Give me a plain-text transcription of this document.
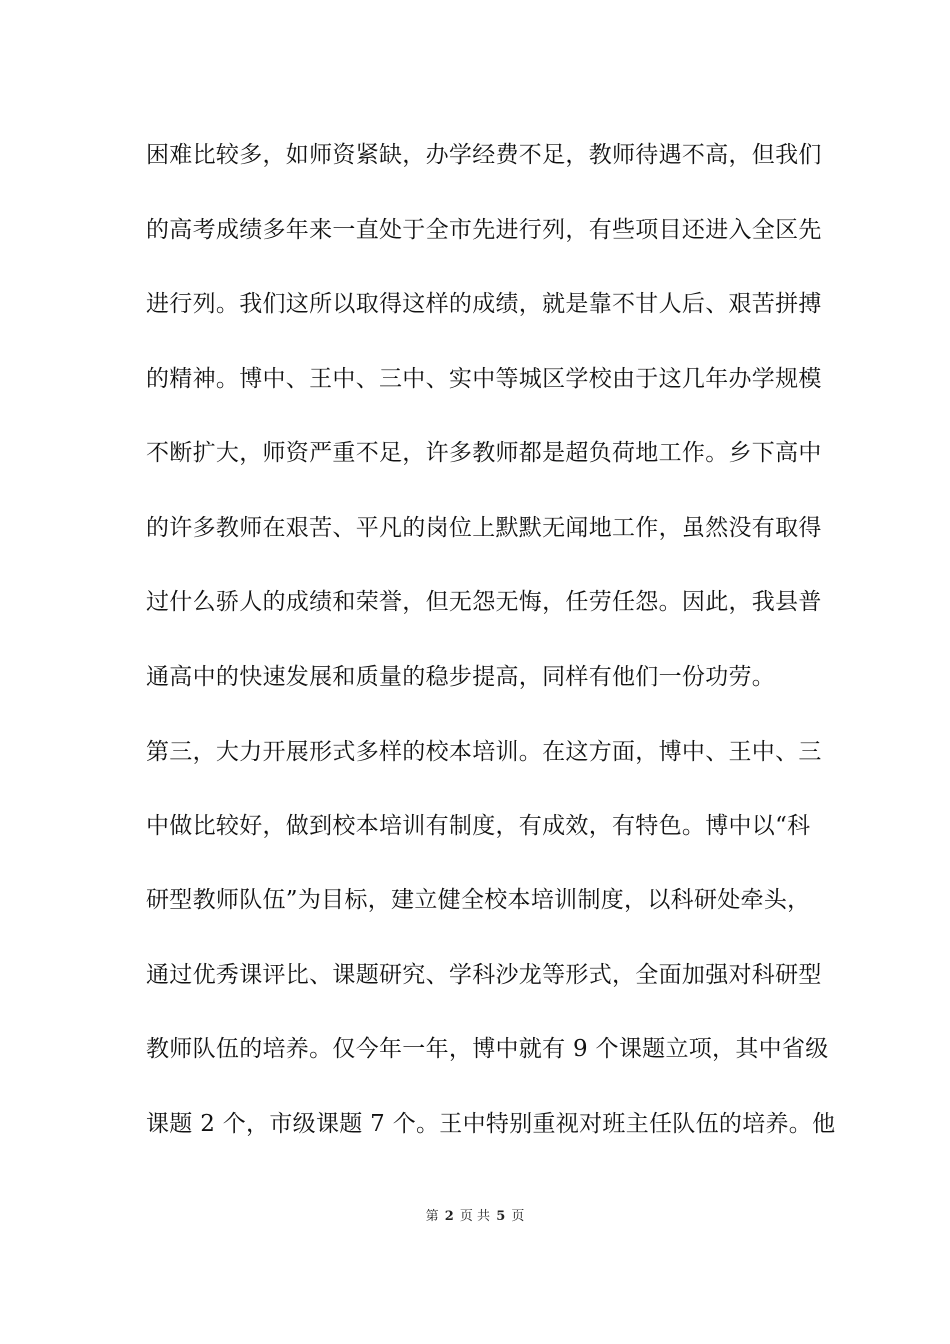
困难比较多，如师资紧缺，办学经费不足，教师待遇不高，但我们
的高考成绩多年来一直处于全市先进行列，有些项目还进入全区先
进行列。我们这所以取得这样的成绩，就是靠不甘人后、艰苦拼搏
的精神。博中、王中、三中、实中等城区学校由于这几年办学规模
不断扩大，师资严重不足，许多教师都是超负荷地工作。乡下高中
的许多教师在艰苦、平凡的岗位上默默无闻地工作，虽然没有取得
过什么骄人的成绩和荣誉，但无怨无悔，任劳任怨。因此，我县普
通高中的快速发展和质量的稳步提高，同样有他们一份功劳。
第三，大力开展形式多样的校本培训。在这方面，博中、王中、三
中做比较好，做到校本培训有制度，有成效，有特色。博中以“科
研型教师队伍”为目标，建立健全校本培训制度，以科研处牵头，
通过优秀课评比、课题研究、学科沙龙等形式，全面加强对科研型
教师队伍的培养。仅今年一年，博中就有 9 个课题立项，其中省级
课题 2 个，市级课题 7 个。王中特别重视对班主任队伍的培养。他
第 2 页 共 5 页
